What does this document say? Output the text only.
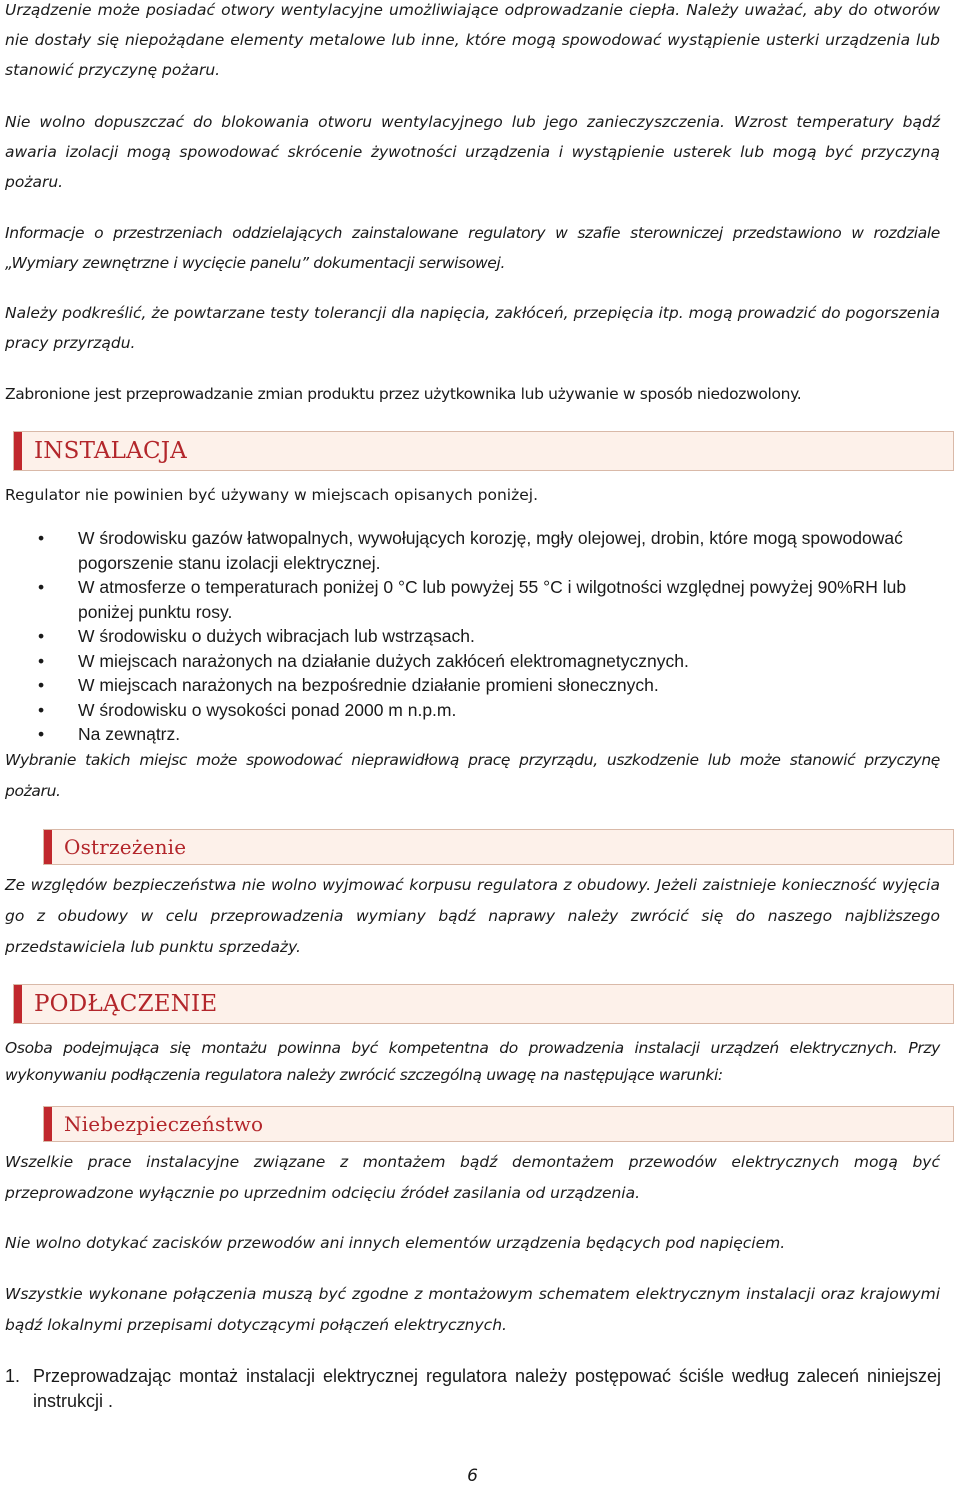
Urządzenie może posiadać otwory wentylacyjne umożliwiające odprowadzanie ciepła. Należy uważać, aby do otworów nie dostały się niepożądane elementy metalowe lub inne, które mogą spowodować wystąpienie usterki urządzenia lub stanowić przyczynę pożaru.

Nie wolno dopuszczać do blokowania otworu wentylacyjnego lub jego zanieczyszczenia. Wzrost temperatury bądź awaria izolacji mogą spowodować skrócenie żywotności urządzenia i wystąpienie usterek lub mogą być przyczyną pożaru.

Informacje o przestrzeniach oddzielających zainstalowane regulatory w szafie sterowniczej przedstawiono w rozdziale „Wymiary zewnętrzne i wycięcie panelu” dokumentacji serwisowej.

Należy podkreślić, że powtarzane testy tolerancji dla napięcia, zakłóceń, przepięcia itp. mogą prowadzić do pogorszenia pracy przyrządu.

Zabronione jest przeprowadzanie zmian produktu przez użytkownika lub używanie w sposób niedozwolony.

INSTALACJA

Regulator nie powinien być używany w miejscach opisanych poniżej.

• W środowisku gazów łatwopalnych, wywołujących korozję, mgły olejowej, drobin, które mogą spowodować pogorszenie stanu izolacji elektrycznej.
• W atmosferze o temperaturach poniżej 0 °C lub powyżej 55 °C i wilgotności względnej powyżej 90%RH lub poniżej punktu rosy.
• W środowisku o dużych wibracjach lub wstrząsach.
• W miejscach narażonych na działanie dużych zakłóceń elektromagnetycznych.
• W miejscach narażonych na bezpośrednie działanie promieni słonecznych.
• W środowisku o wysokości ponad 2000 m n.p.m.
• Na zewnątrz.

Wybranie takich miejsc może spowodować nieprawidłową pracę przyrządu, uszkodzenie lub może stanowić przyczynę pożaru.

Ostrzeżenie

Ze względów bezpieczeństwa nie wolno wyjmować korpusu regulatora z obudowy. Jeżeli zaistnieje konieczność wyjęcia go z obudowy w celu przeprowadzenia wymiany bądź naprawy należy zwrócić się do naszego najbliższego przedstawiciela lub punktu sprzedaży.

PODŁĄCZENIE

Osoba podejmująca się montażu powinna być kompetentna do prowadzenia instalacji urządzeń elektrycznych. Przy wykonywaniu podłączenia regulatora należy zwrócić szczególną uwagę na następujące warunki:

Niebezpieczeństwo

Wszelkie prace instalacyjne związane z montażem bądź demontażem przewodów elektrycznych mogą być przeprowadzone wyłącznie po uprzednim odcięciu źródeł zasilania od urządzenia.

Nie wolno dotykać zacisków przewodów ani innych elementów urządzenia będących pod napięciem.

Wszystkie wykonane połączenia muszą być zgodne z montażowym schematem elektrycznym instalacji oraz krajowymi bądź lokalnymi przepisami dotyczącymi połączeń elektrycznych.

1. Przeprowadzając montaż instalacji elektrycznej regulatora należy postępować ściśle według zaleceń niniejszej instrukcji .
6
